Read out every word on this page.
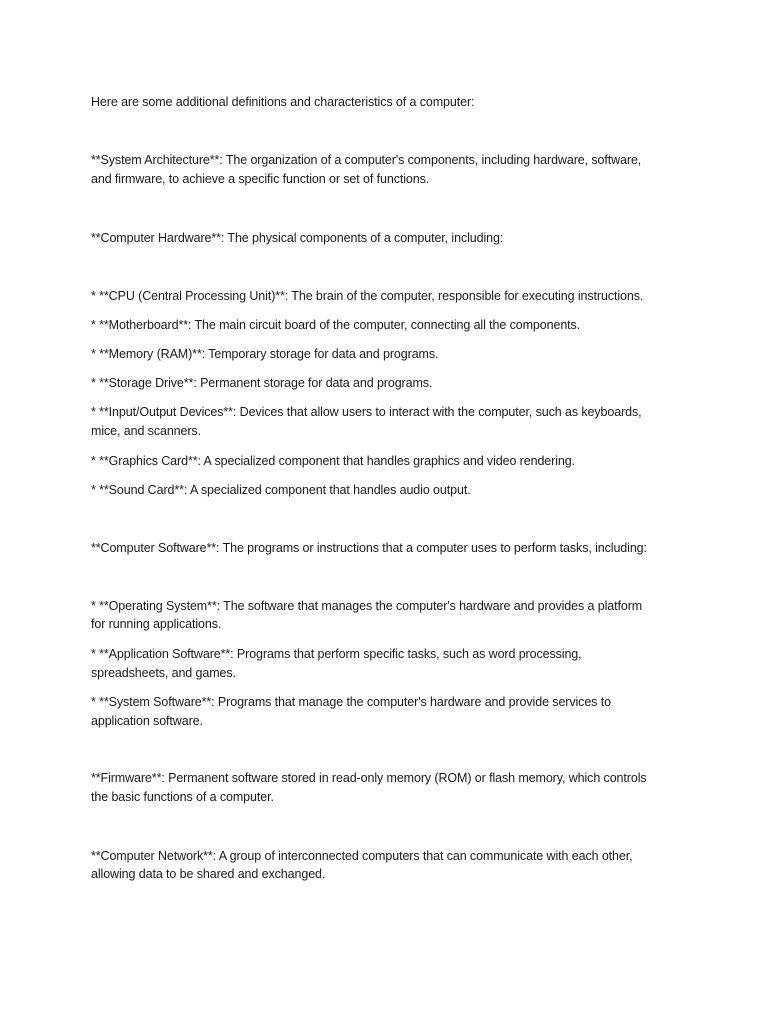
Here are some additional definitions and characteristics of a computer:
**System Architecture**: The organization of a computer's components, including hardware, software,
and firmware, to achieve a specific function or set of functions.
**Computer Hardware**: The physical components of a computer, including:
* **CPU (Central Processing Unit)**: The brain of the computer, responsible for executing instructions.
* **Motherboard**: The main circuit board of the computer, connecting all the components.
* **Memory (RAM)**: Temporary storage for data and programs.
* **Storage Drive**: Permanent storage for data and programs.
* **Input/Output Devices**: Devices that allow users to interact with the computer, such as keyboards,
mice, and scanners.
* **Graphics Card**: A specialized component that handles graphics and video rendering.
* **Sound Card**: A specialized component that handles audio output.
**Computer Software**: The programs or instructions that a computer uses to perform tasks, including:
* **Operating System**: The software that manages the computer's hardware and provides a platform
for running applications.
* **Application Software**: Programs that perform specific tasks, such as word processing,
spreadsheets, and games.
* **System Software**: Programs that manage the computer's hardware and provide services to
application software.
**Firmware**: Permanent software stored in read-only memory (ROM) or flash memory, which controls
the basic functions of a computer.
**Computer Network**: A group of interconnected computers that can communicate with each other,
allowing data to be shared and exchanged.
